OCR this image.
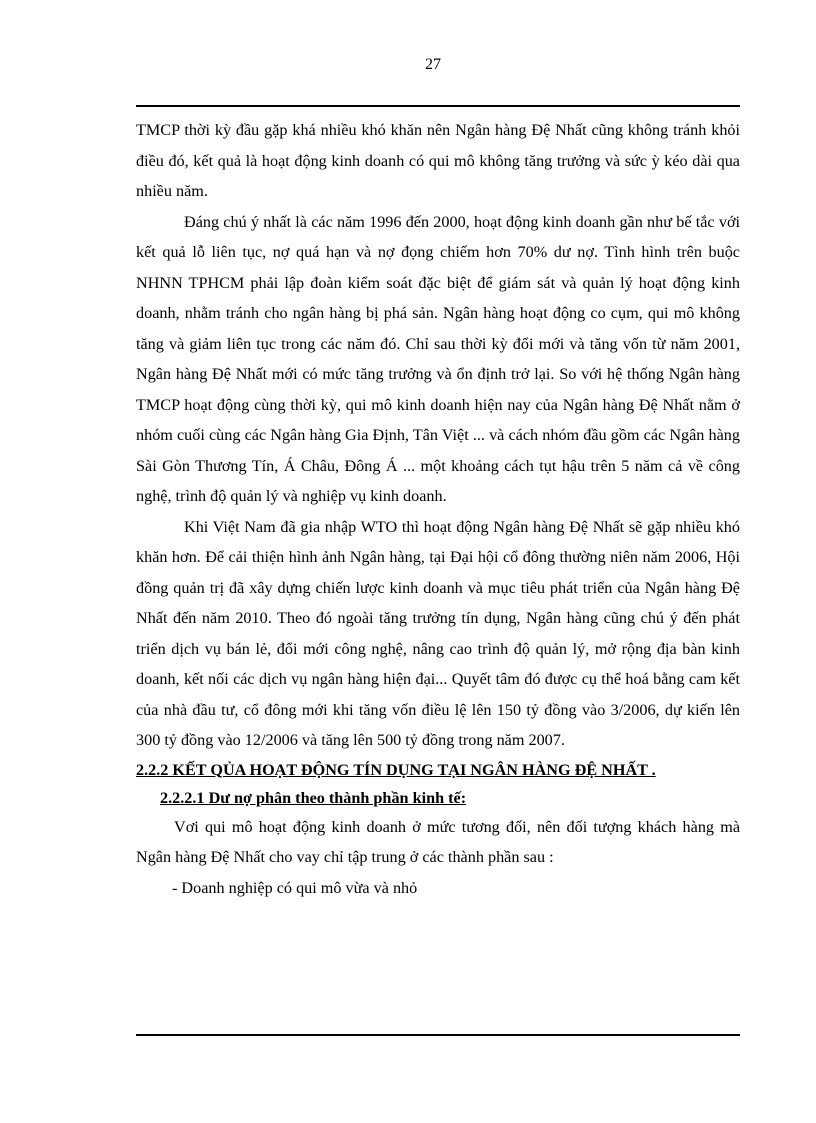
27

TMCP thời kỳ đầu gặp khá nhiều khó khăn nên Ngân hàng Đệ Nhất cũng không tránh khỏi điều đó, kết quả là hoạt động kinh doanh có qui mô không tăng trưởng và sức ỳ kéo dài qua nhiều năm.

Đáng chú ý nhất là các năm 1996 đến 2000, hoạt động kinh doanh gần như bế tắc với kết quả lỗ liên tục, nợ quá hạn và nợ đọng chiếm hơn 70% dư nợ. Tình hình trên buộc NHNN TPHCM phải lập đoàn kiểm soát đặc biệt để giám sát và quản lý hoạt động kinh doanh, nhằm tránh cho ngân hàng bị phá sản. Ngân hàng hoạt động co cụm, qui mô không tăng và giảm liên tục trong các năm đó. Chỉ sau thời kỳ đổi mới và tăng vốn từ năm 2001, Ngân hàng Đệ Nhất mới có mức tăng trưởng và ổn định trở lại. So với hệ thống Ngân hàng TMCP hoạt động cùng thời kỳ, qui mô kinh doanh hiện nay của Ngân hàng Đệ Nhất nằm ở nhóm cuối cùng các Ngân hàng Gia Định, Tân Việt ... và cách nhóm đầu gồm các Ngân hàng Sài Gòn Thương Tín, Á Châu, Đông Á ... một khoảng cách tụt hậu trên 5 năm cả về công nghệ, trình độ quản lý và nghiệp vụ kinh doanh.

Khi Việt Nam đã gia nhập WTO thì hoạt động Ngân hàng Đệ Nhất sẽ gặp nhiều khó khăn hơn. Để cải thiện hình ảnh Ngân hàng, tại Đại hội cổ đông thường niên năm 2006, Hội đồng quản trị đã xây dựng chiến lược kinh doanh và mục tiêu phát triển của Ngân hàng Đệ Nhất đến năm 2010. Theo đó ngoài tăng trưởng tín dụng, Ngân hàng cũng chú ý đến phát triển dịch vụ bán lẻ, đổi mới công nghệ, nâng cao trình độ quản lý, mở rộng địa bàn kinh doanh, kết nối các dịch vụ ngân hàng hiện đại... Quyết tâm đó được cụ thể hoá bằng cam kết của nhà đầu tư, cổ đông mới khi tăng vốn điều lệ lên 150 tỷ đồng vào 3/2006, dự kiến lên 300 tỷ đồng vào 12/2006 và tăng lên 500 tỷ đồng trong năm 2007.

2.2.2 KẾT QỦA HOẠT ĐỘNG TÍN DỤNG TẠI NGÂN HÀNG ĐỆ NHẤT .

2.2.2.1 Dư nợ phân theo thành phần kinh tế:

Vơi qui mô hoạt động kinh doanh ở mức tương đối, nên đối tượng khách hàng mà Ngân hàng Đệ Nhất cho vay chỉ tập trung ở các thành phần sau :

- Doanh nghiệp có qui mô vừa và nhỏ
